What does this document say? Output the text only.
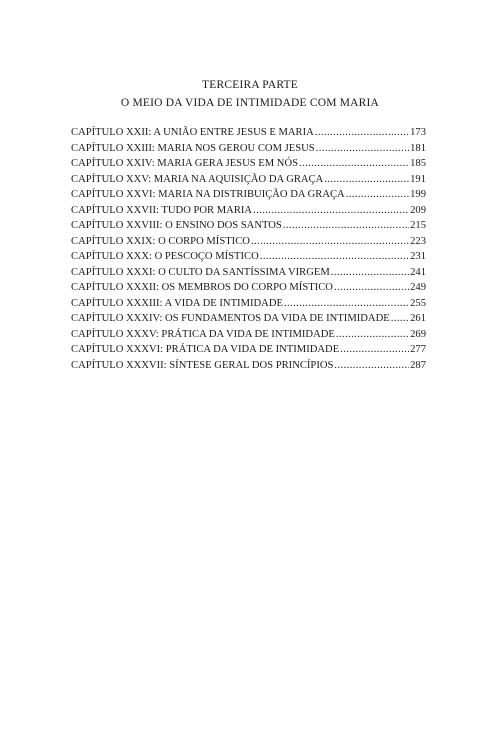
TERCEIRA PARTE
O MEIO DA VIDA DE INTIMIDADE COM MARIA
CAPÍTULO XXII: A UNIÃO ENTRE JESUS E MARIA .....	173
CAPÍTULO XXIII: MARIA NOS GEROU COM JESUS .....	181
CAPÍTULO XXIV: MARIA GERA JESUS EM NÓS .....	185
CAPÍTULO XXV: MARIA NA AQUISIÇÃO DA GRAÇA .....	191
CAPÍTULO XXVI: MARIA NA DISTRIBUIÇÃO DA GRAÇA .....	199
CAPÍTULO XXVII: TUDO POR MARIA .....	209
CAPÍTULO XXVIII: O ENSINO DOS SANTOS .....	215
CAPÍTULO XXIX: O CORPO MÍSTICO .....	223
CAPÍTULO XXX: O PESCOÇO MÍSTICO .....	231
CAPÍTULO XXXI: O CULTO DA SANTÍSSIMA VIRGEM .....	241
CAPÍTULO XXXII: OS MEMBROS DO CORPO MÍSTICO .....	249
CAPÍTULO XXXIII: A VIDA DE INTIMIDADE .....	255
CAPÍTULO XXXIV: OS FUNDAMENTOS DA VIDA DE INTIMIDADE ..... 261
CAPÍTULO XXXV: PRÁTICA DA VIDA DE INTIMIDADE .....	269
CAPÍTULO XXXVI: PRÁTICA DA VIDA DE INTIMIDADE .....	277
CAPÍTULO XXXVII: SÍNTESE GERAL DOS PRINCÍPIOS .....	287
